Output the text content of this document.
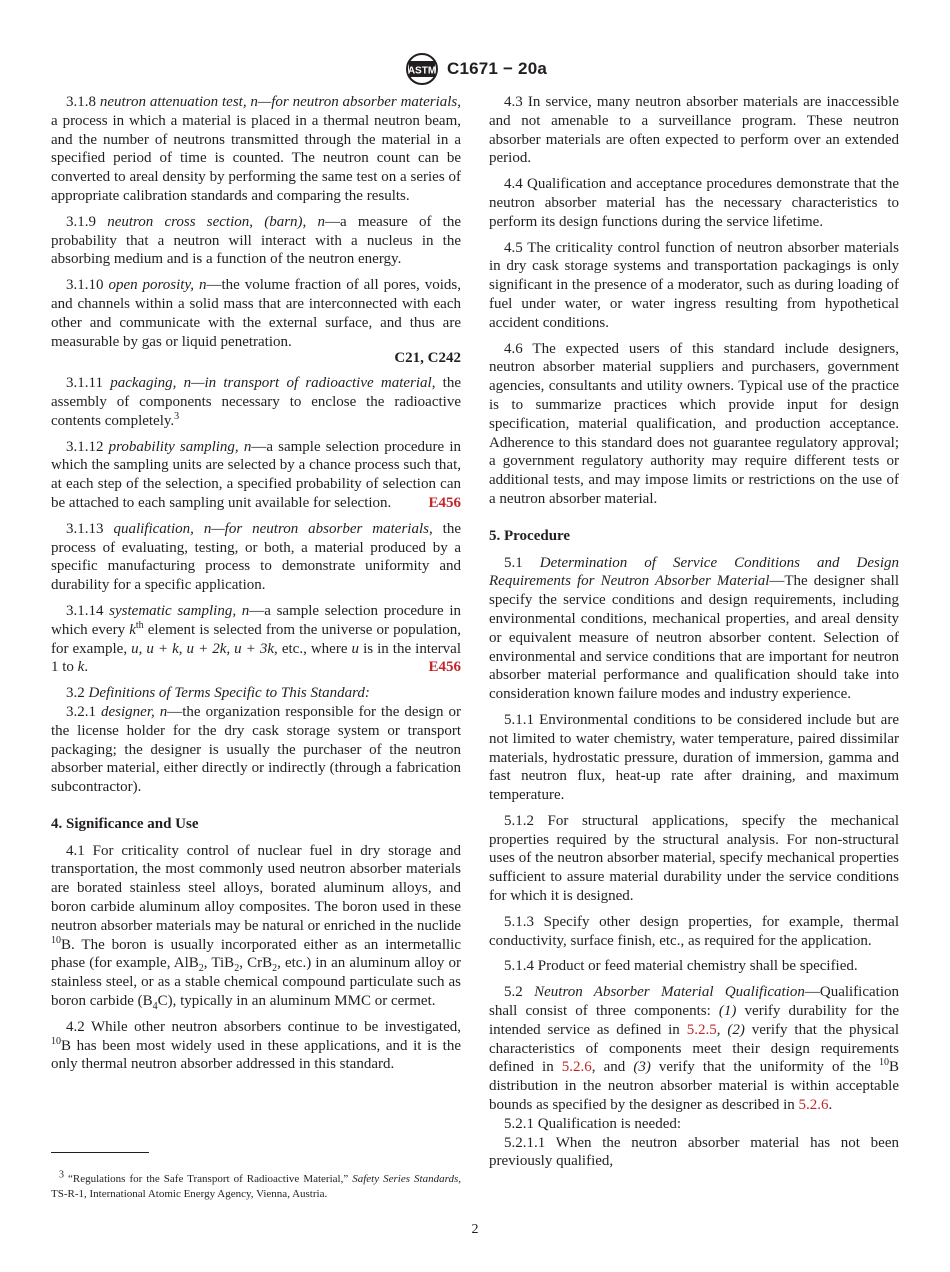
ASTM C1671 − 20a

3.1.8 neutron attenuation test, n—for neutron absorber materials, a process in which a material is placed in a thermal neutron beam, and the number of neutrons transmitted through the material in a specified period of time is counted. The neutron count can be converted to areal density by performing the same test on a series of appropriate calibration standards and comparing the results.

3.1.9 neutron cross section, (barn), n—a measure of the probability that a neutron will interact with a nucleus in the absorbing medium and is a function of the neutron energy.

3.1.10 open porosity, n—the volume fraction of all pores, voids, and channels within a solid mass that are interconnected with each other and communicate with the external surface, and thus are measurable by gas or liquid penetration.

C21, C242

3.1.11 packaging, n—in transport of radioactive material, the assembly of components necessary to enclose the radioactive contents completely.$^3$

3.1.12 probability sampling, n—a sample selection procedure in which the sampling units are selected by a chance process such that, at each step of the selection, a specified probability of selection can be attached to each sampling unit available for selection.	E456

3.1.13 qualification, n—for neutron absorber materials, the process of evaluating, testing, or both, a material produced by a specific manufacturing process to demonstrate uniformity and durability for a specific application.

3.1.14 systematic sampling, n—a sample selection procedure in which every $k^{th}$ element is selected from the universe or population, for example, u, u + k, u + 2k, u + 3k, etc., where u is in the interval 1 to k.	E456

3.2 Definitions of Terms Specific to This Standard:

3.2.1 designer, n—the organization responsible for the design or the license holder for the dry cask storage system or transport packaging; the designer is usually the purchaser of the neutron absorber material, either directly or indirectly (through a fabrication subcontractor).

4. Significance and Use

4.1 For criticality control of nuclear fuel in dry storage and transportation, the most commonly used neutron absorber materials are borated stainless steel alloys, borated aluminum alloys, and boron carbide aluminum alloy composites. The boron used in these neutron absorber materials may be natural or enriched in the nuclide $^{10}$B. The boron is usually incorporated either as an intermetallic phase (for example, AlB$_2$, TiB$_2$, CrB$_2$, etc.) in an aluminum alloy or stainless steel, or as a stable chemical compound particulate such as boron carbide $(B_4C)$, typically in an aluminum MMC or cermet.

4.2 While other neutron absorbers continue to be investigated, $^{10}$B has been most widely used in these applications, and it is the only thermal neutron absorber addressed in this standard.

$^3$ “Regulations for the Safe Transport of Radioactive Material,” Safety Series Standards, TS-R-1, International Atomic Energy Agency, Vienna, Austria.

4.3 In service, many neutron absorber materials are inaccessible and not amenable to a surveillance program. These neutron absorber materials are often expected to perform over an extended period.

4.4 Qualification and acceptance procedures demonstrate that the neutron absorber material has the necessary characteristics to perform its design functions during the service lifetime.

4.5 The criticality control function of neutron absorber materials in dry cask storage systems and transportation packagings is only significant in the presence of a moderator, such as during loading of fuel under water, or water ingress resulting from hypothetical accident conditions.

4.6 The expected users of this standard include designers, neutron absorber material suppliers and purchasers, government agencies, consultants and utility owners. Typical use of the practice is to summarize practices which provide input for design specification, material qualification, and production acceptance. Adherence to this standard does not guarantee regulatory approval; a government regulatory authority may require different tests or additional tests, and may impose limits or restrictions on the use of a neutron absorber material.

5. Procedure

5.1 Determination of Service Conditions and Design Requirements for Neutron Absorber Material—The designer shall specify the service conditions and design requirements, including environmental conditions, mechanical properties, and areal density or equivalent measure of neutron absorber content. Selection of environmental and service conditions that are important for neutron absorber material performance and qualification should take into consideration known failure modes and industry experience.

5.1.1 Environmental conditions to be considered include but are not limited to water chemistry, water temperature, paired dissimilar materials, hydrostatic pressure, duration of immersion, gamma and fast neutron flux, heat-up rate after draining, and maximum temperature.

5.1.2 For structural applications, specify the mechanical properties required by the structural analysis. For non-structural uses of the neutron absorber material, specify mechanical properties sufficient to assure material durability under the service conditions for which it is designed.

5.1.3 Specify other design properties, for example, thermal conductivity, surface finish, etc., as required for the application.

5.1.4 Product or feed material chemistry shall be specified.

5.2 Neutron Absorber Material Qualification—Qualification shall consist of three components: (1) verify durability for the intended service as defined in 5.2.5, (2) verify that the physical characteristics of components meet their design requirements defined in 5.2.6, and (3) verify that the uniformity of the $^{10}$B distribution in the neutron absorber material is within acceptable bounds as specified by the designer as described in 5.2.6.

5.2.1 Qualification is needed:

5.2.1.1 When the neutron absorber material has not been previously qualified,

2
